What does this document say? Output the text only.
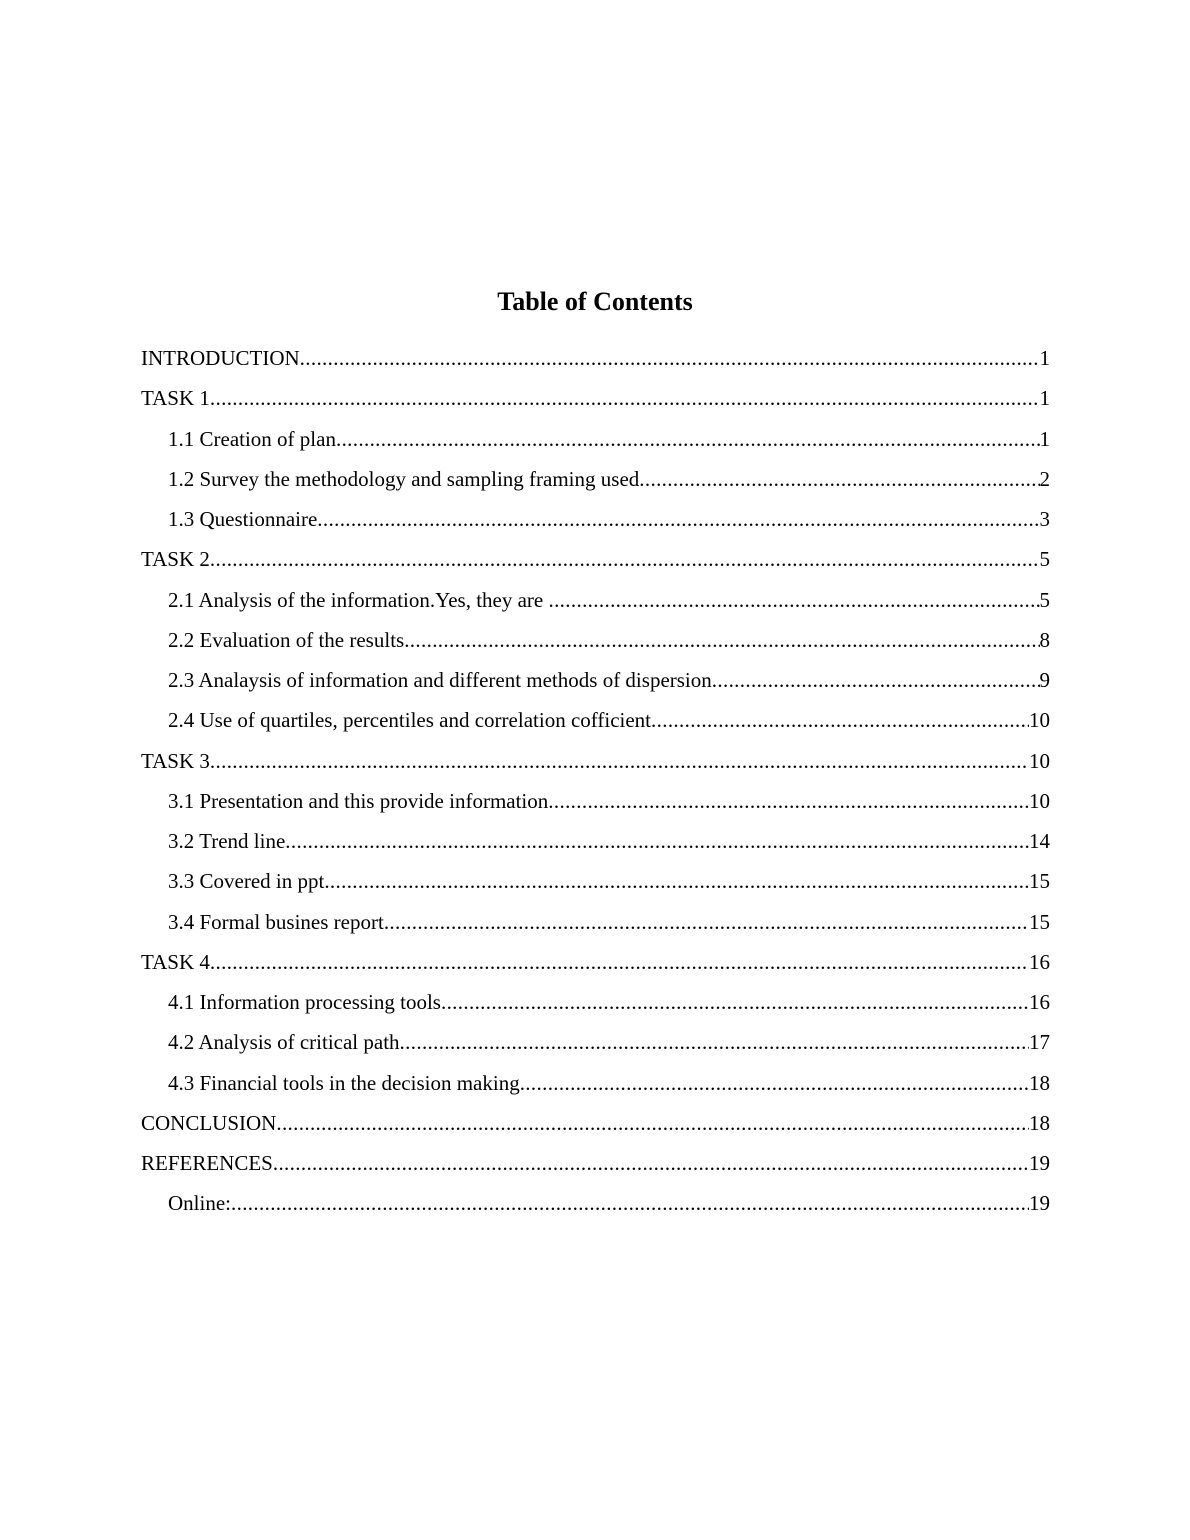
Table of Contents
INTRODUCTION .....	1
TASK 1 .....	1
1.1 Creation of plan .....	1
1.2 Survey the methodology and sampling framing used .....	2
1.3 Questionnaire .....	3
TASK 2 .....	5
2.1 Analysis of the information.Yes, they are .....	5
2.2 Evaluation of the results .....	8
2.3 Analaysis of information and different methods of dispersion .....	9
2.4 Use of quartiles, percentiles and correlation cofficient .....	10
TASK 3 .....	10
3.1 Presentation and this provide information .....	10
3.2 Trend line .....	14
3.3 Covered in ppt .....	15
3.4 Formal busines report .....	15
TASK 4 .....	16
4.1 Information processing tools .....	16
4.2 Analysis of critical path .....	17
4.3 Financial tools in the decision making .....	18
CONCLUSION .....	18
REFERENCES .....	19
Online: .....	19
